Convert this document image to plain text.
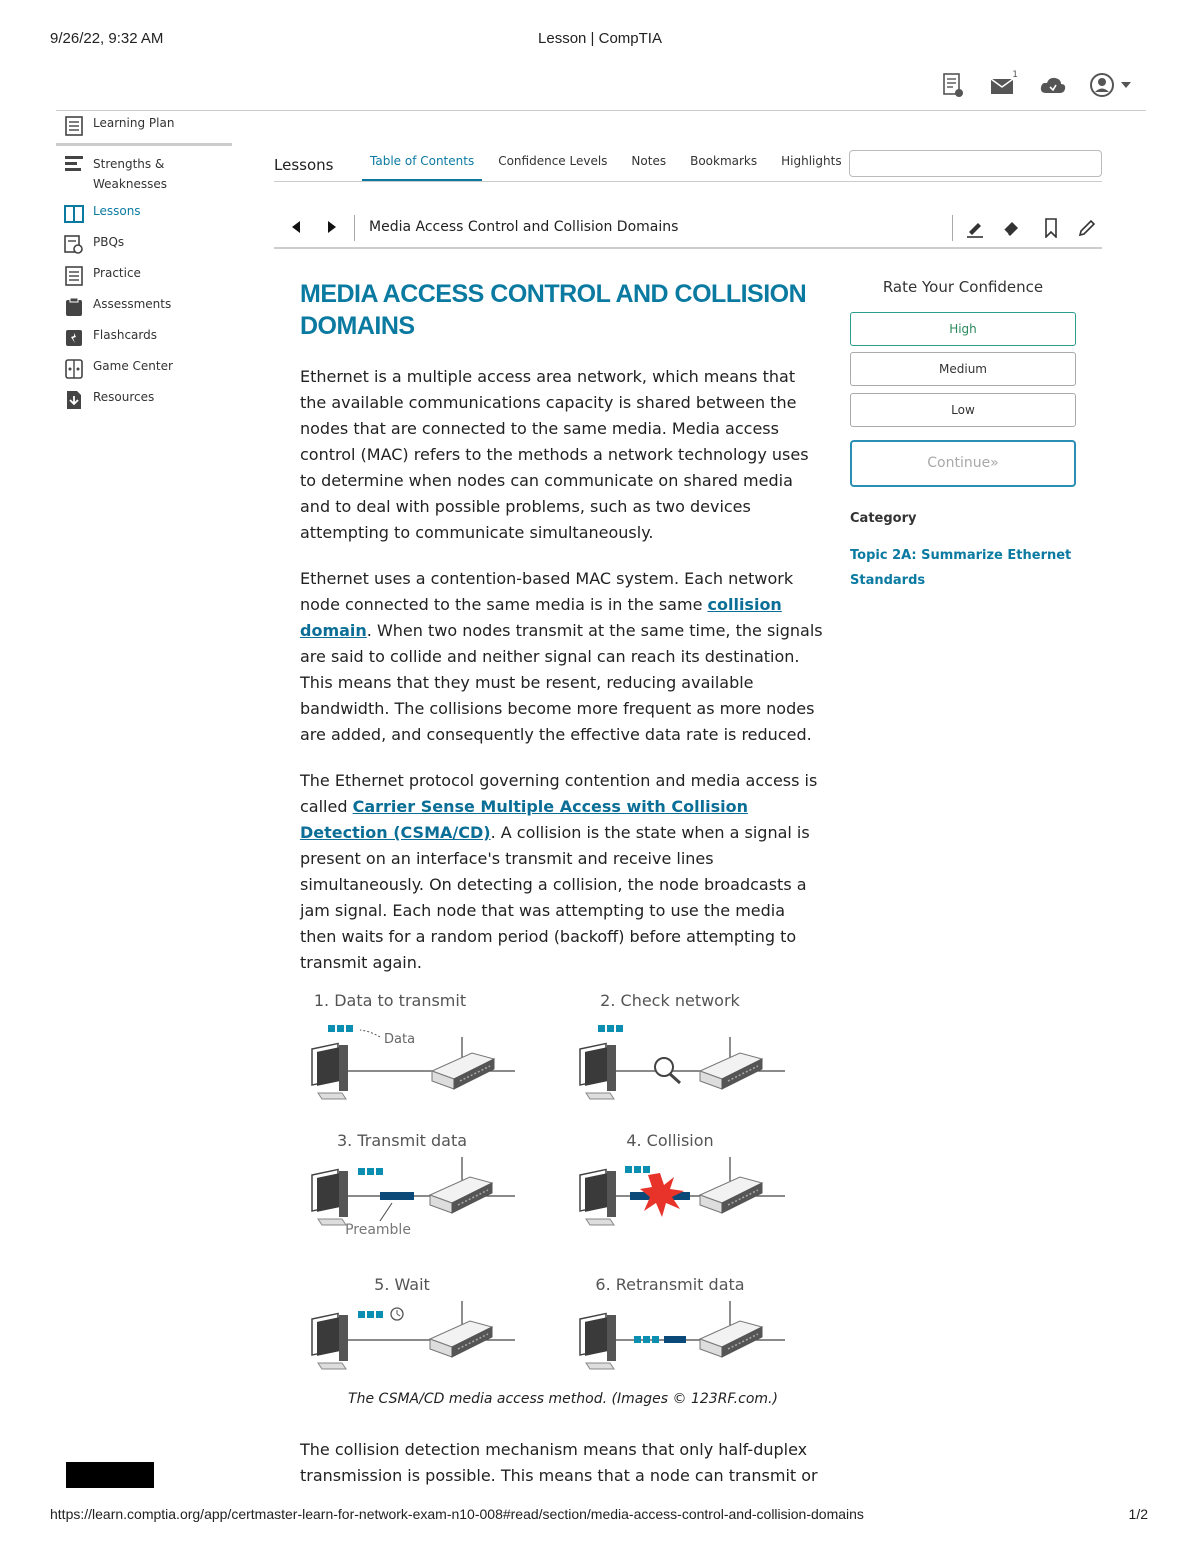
9/26/22, 9:32 AM	Lesson | CompTIA
1
Learning Plan
Strengths &
Weaknesses
Lessons
PBQs
Practice
Assessments
Flashcards
Game Center
Resources
Lessons	Table of Contents	Confidence Levels	Notes	Bookmarks	Highlights
Media Access Control and Collision Domains
MEDIA ACCESS CONTROL AND COLLISION DOMAINS

Ethernet is a multiple access area network, which means that the available communications capacity is shared between the nodes that are connected to the same media. Media access control (MAC) refers to the methods a network technology uses to determine when nodes can communicate on shared media and to deal with possible problems, such as two devices attempting to communicate simultaneously.

Ethernet uses a contention-based MAC system. Each network node connected to the same media is in the same collision domain. When two nodes transmit at the same time, the signals are said to collide and neither signal can reach its destination. This means that they must be resent, reducing available bandwidth. The collisions become more frequent as more nodes are added, and consequently the effective data rate is reduced.

The Ethernet protocol governing contention and media access is called Carrier Sense Multiple Access with Collision Detection (CSMA/CD). A collision is the state when a signal is present on an interface's transmit and receive lines simultaneously. On detecting a collision, the node broadcasts a jam signal. Each node that was attempting to use the media then waits for a random period (backoff) before attempting to transmit again.

1. Data to transmit
Data
2. Check network
3. Transmit data
Preamble
4. Collision
5. Wait	6. Retransmit data
The CSMA/CD media access method. (Images © 123RF.com.)
The collision detection mechanism means that only half-duplex transmission is possible. This means that a node can transmit or
Rate Your Confidence
High
Medium
Low
Continue»
Category
Topic 2A: Summarize Ethernet Standards
https://learn.comptia.org/app/certmaster-learn-for-network-exam-n10-008#read/section/media-access-control-and-collision-domains	1/2
